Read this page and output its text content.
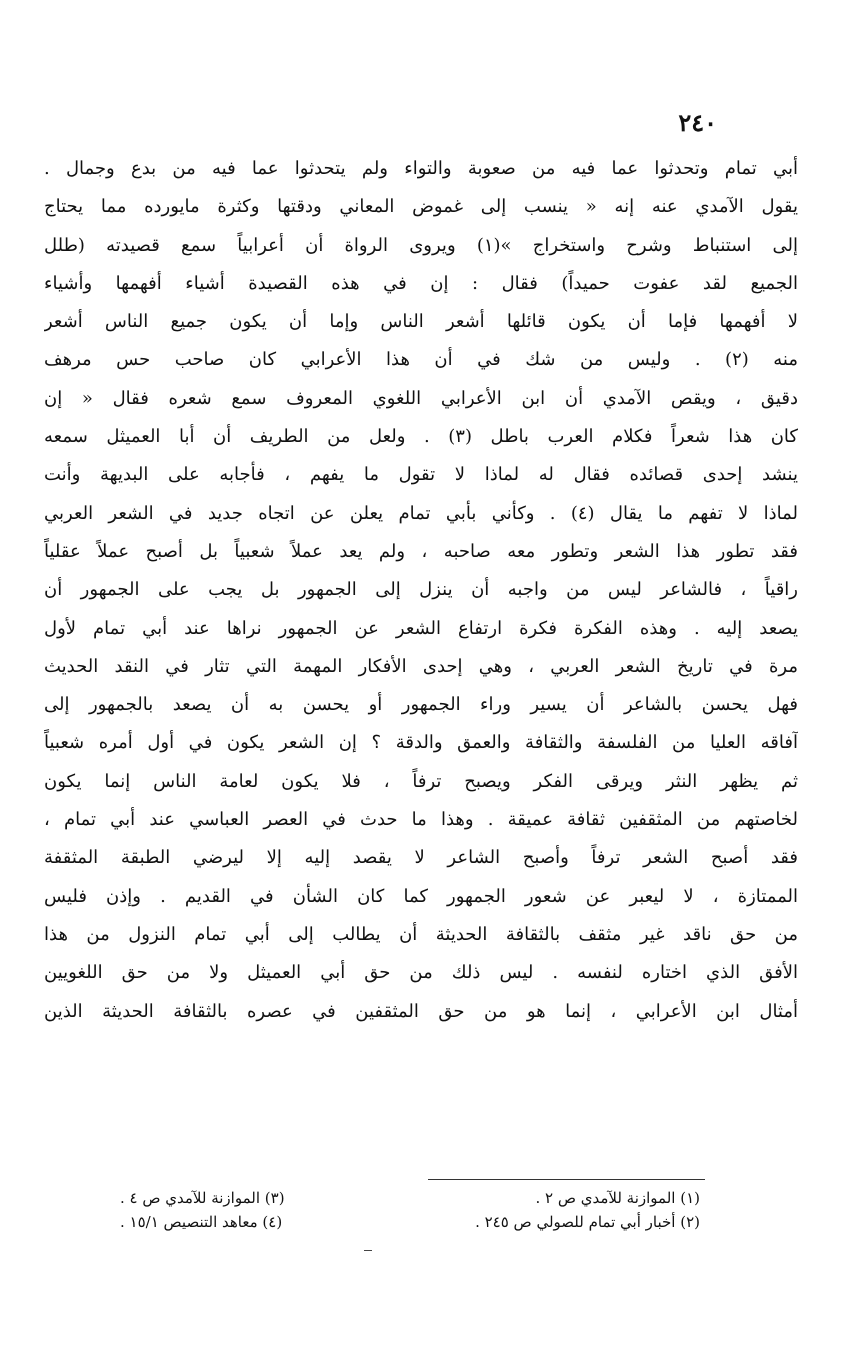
٢٤٠
أبي تمام وتحدثوا عما فيه من صعوبة والتواء ولم يتحدثوا عما فيه من بدع وجمال .
يقول الآمدي عنه إنه « ينسب إلى غموض المعاني ودقتها وكثرة مايورده مما يحتاج
إلى استنباط وشرح واستخراج »(١) ويروى الرواة أن أعرابياً سمع قصيدته (طلل
الجميع لقد عفوت حميداً) فقال : إن في هذه القصيدة أشياء أفهمها وأشياء
لا أفهمها فإما أن يكون قائلها أشعر الناس وإما أن يكون جميع الناس أشعر
منه (٢) . وليس من شك في أن هذا الأعرابي كان صاحب حس مرهف
دقيق ، ويقص الآمدي أن ابن الأعرابي اللغوي المعروف سمع شعره فقال « إن
كان هذا شعراً فكلام العرب باطل (٣) . ولعل من الطريف أن أبا العميثل سمعه
ينشد إحدى قصائده فقال له لماذا لا تقول ما يفهم ، فأجابه على البديهة وأنت
لماذا لا تفهم ما يقال (٤) . وكأني بأبي تمام يعلن عن اتجاه جديد في الشعر العربي
فقد تطور هذا الشعر وتطور معه صاحبه ، ولم يعد عملاً شعبياً بل أصبح عملاً عقلياً
راقياً ، فالشاعر ليس من واجبه أن ينزل إلى الجمهور بل يجب على الجمهور أن
يصعد إليه . وهذه الفكرة فكرة ارتفاع الشعر عن الجمهور نراها عند أبي تمام لأول
مرة في تاريخ الشعر العربي ، وهي إحدى الأفكار المهمة التي تثار في النقد الحديث
فهل يحسن بالشاعر أن يسير وراء الجمهور أو يحسن به أن يصعد بالجمهور إلى
آفاقه العليا من الفلسفة والثقافة والعمق والدقة ؟ إن الشعر يكون في أول أمره شعبياً
ثم يظهر النثر ويرقى الفكر ويصبح ترفاً ، فلا يكون لعامة الناس إنما يكون
لخاصتهم من المثقفين ثقافة عميقة . وهذا ما حدث في العصر العباسي عند أبي تمام ،
فقد أصبح الشعر ترفاً وأصبح الشاعر لا يقصد إليه إلا ليرضي الطبقة المثقفة
الممتازة ، لا ليعبر عن شعور الجمهور كما كان الشأن في القديم . وإذن فليس
من حق ناقد غير مثقف بالثقافة الحديثة أن يطالب إلى أبي تمام النزول من هذا
الأفق الذي اختاره لنفسه . ليس ذلك من حق أبي العميثل ولا من حق اللغويين
أمثال ابن الأعرابي ، إنما هو من حق المثقفين في عصره بالثقافة الحديثة الذين
(١) الموازنة للآمدي ص ٢ .
(٣) الموازنة للآمدي ص ٤ .
(٢) أخبار أبي تمام للصولي ص ٢٤٥ .
(٤) معاهد التنصيص ١٥/١ .
